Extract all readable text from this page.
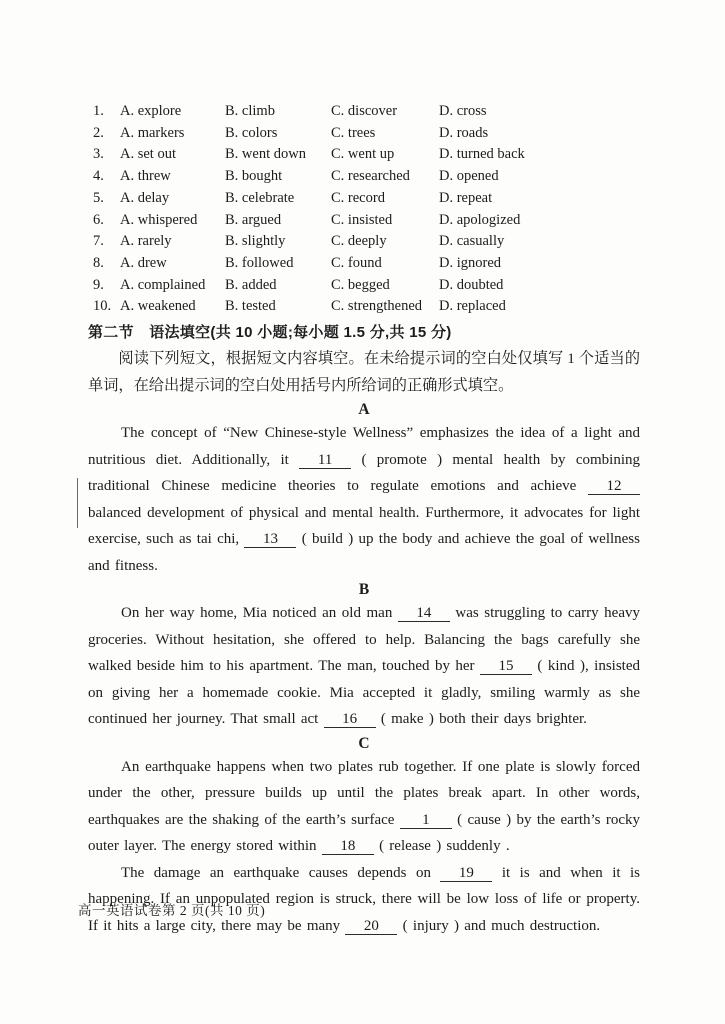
1.	A. explore	B. climb	C. discover	D. cross
2.	A. markers	B. colors	C. trees	D. roads
3.	A. set out	B. went down	C. went up	D. turned back
4.	A. threw	B. bought	C. researched	D. opened
5.	A. delay	B. celebrate	C. record	D. repeat
6.	A. whispered	B. argued	C. insisted	D. apologized
7.	A. rarely	B. slightly	C. deeply	D. casually
8.	A. drew	B. followed	C. found	D. ignored
9.	A. complained	B. added	C. begged	D. doubted
10. A. weakened	B. tested	C. strengthened	D. replaced
第二节　语法填空(共 10 小题;每小题 1.5 分,共 15 分)

阅读下列短文，根据短文内容填空。在未给提示词的空白处仅填写 1 个适当的单词，在给出提示词的空白处用括号内所给词的正确形式填空。

A

The concept of “New Chinese-style Wellness” emphasizes the idea of a light and nutritious diet. Additionally, it 11 ( promote ) mental health by combining traditional Chinese medicine theories to regulate emotions and achieve 12 balanced development of physical and mental health. Furthermore, it advocates for light exercise, such as tai chi, 13 ( build ) up the body and achieve the goal of wellness and fitness.

B

On her way home, Mia noticed an old man 14 was struggling to carry heavy groceries. Without hesitation, she offered to help. Balancing the bags carefully she walked beside him to his apartment. The man, touched by her 15 ( kind ), insisted on giving her a homemade cookie. Mia accepted it gladly, smiling warmly as she continued her journey. That small act 16 ( make ) both their days brighter.

C

An earthquake happens when two plates rub together. If one plate is slowly forced under the other, pressure builds up until the plates break apart. In other words, earthquakes are the shaking of the earth’s surface 1 ( cause ) by the earth’s rocky outer layer. The energy stored within 18 ( release ) suddenly .

The damage an earthquake causes depends on 19 it is and when it is happening. If an unpopulated region is struck, there will be low loss of life or property. If it hits a large city, there may be many 20 ( injury ) and much destruction.

高一英语试卷第 2 页(共 10 页)
